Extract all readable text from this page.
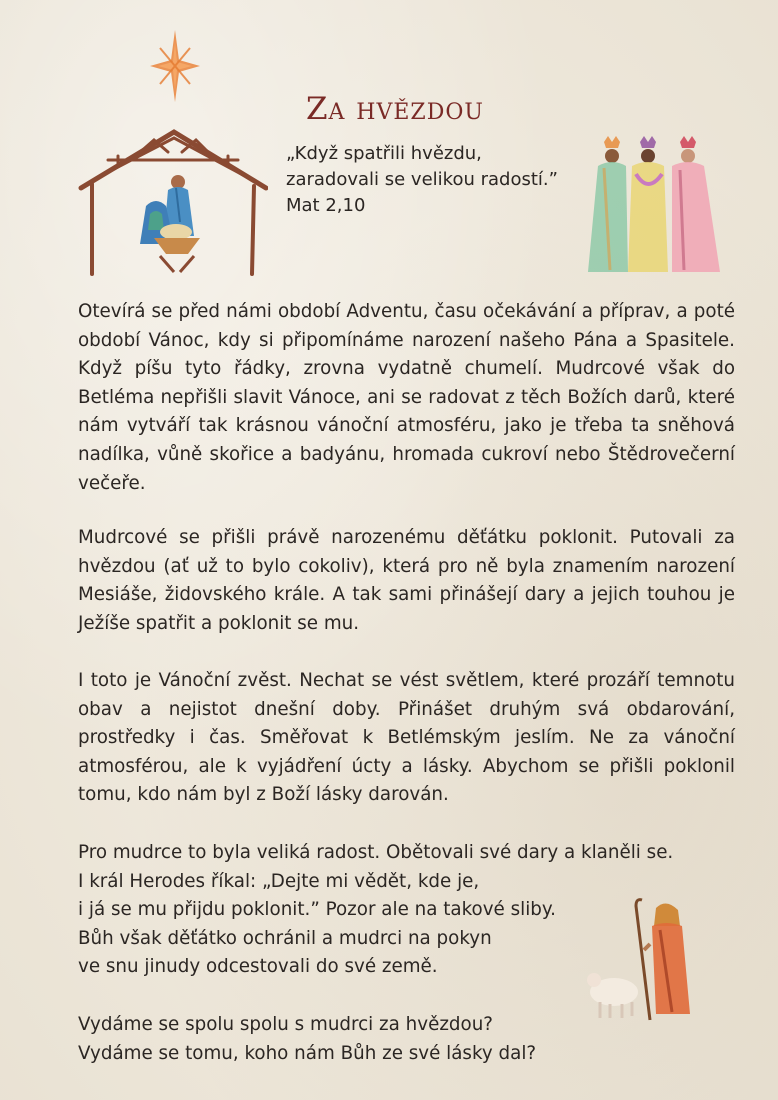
Za hvězdou
„Když spatřili hvězdu,
zaradovali se velikou radostí.”
Mat 2,10

Otevírá se před námi období Adventu, času očekávání a příprav, a poté období Vánoc, kdy si připomínáme narození našeho Pána a Spasitele. Když píšu tyto řádky, zrovna vydatně chumelí. Mudrcové však do Betléma nepřišli slavit Vánoce, ani se radovat z těch Božích darů, které nám vytváří tak krásnou vánoční atmosféru, jako je třeba ta sněhová nadílka, vůně skořice a badyánu, hromada cukroví nebo Štědrovečerní večeře.

Mudrcové se přišli právě narozenému děťátku poklonit. Putovali za hvězdou (ať už to bylo cokoliv), která pro ně byla znamením narození Mesiáše, židovského krále. A tak sami přinášejí dary a jejich touhou je Ježíše spatřit a poklonit se mu.

I toto je Vánoční zvěst. Nechat se vést světlem, které prozáří temnotu obav a nejistot dnešní doby. Přinášet druhým svá obdarování, prostředky i čas. Směřovat k Betlémským jeslím. Ne za vánoční atmosférou, ale k vyjádření úcty a lásky. Abychom se přišli poklonil tomu, kdo nám byl z Boží lásky darován.

Pro mudrce to byla veliká radost. Obětovali své dary a klaněli se.
I král Herodes říkal: „Dejte mi vědět, kde je,
i já se mu přijdu poklonit.” Pozor ale na takové sliby.
Bůh však děťátko ochránil a mudrci na pokyn
ve snu jinudy odcestovali do své země.
Vydáme se spolu spolu s mudrci za hvězdou?
Vydáme se tomu, koho nám Bůh ze své lásky dal?
